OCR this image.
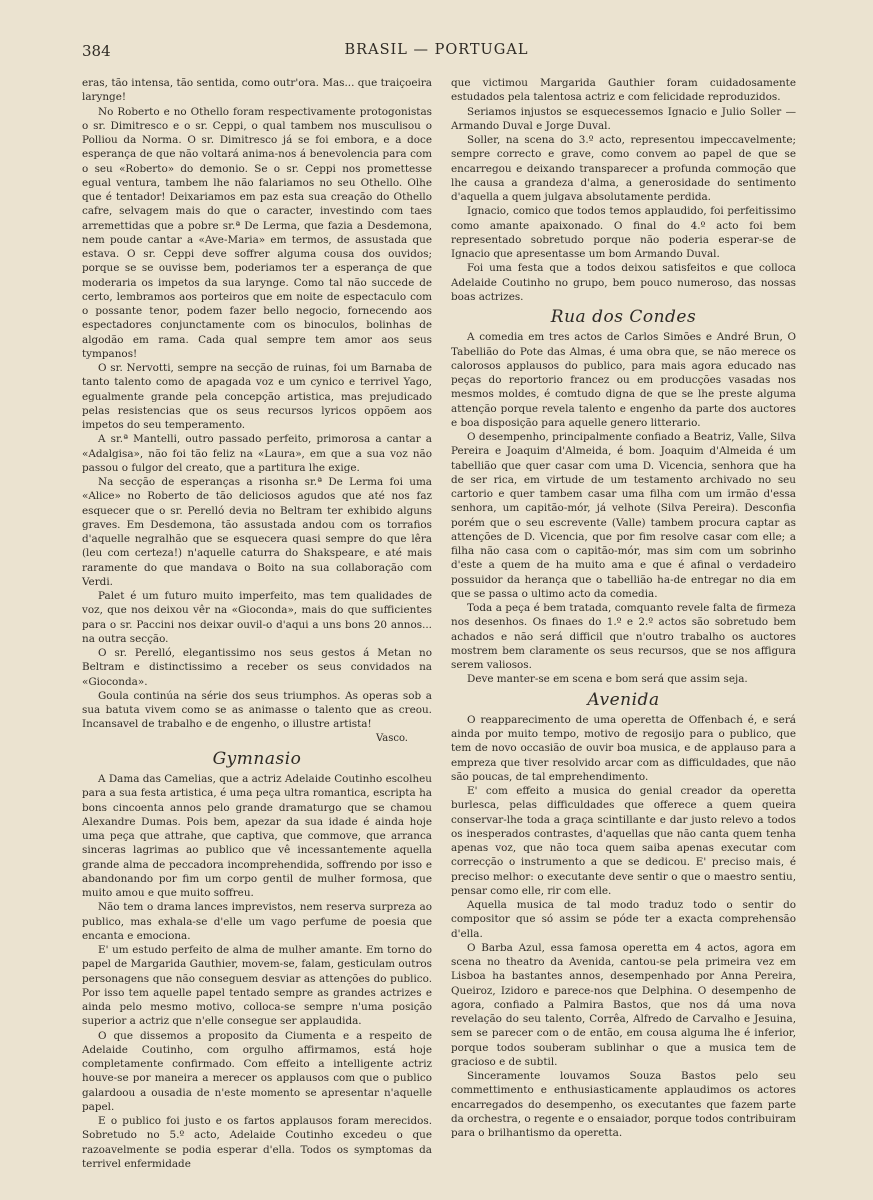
384	BRASIL — PORTUGAL

eras, tão intensa, tão sentida, como outr'ora. Mas... que traiçoeira larynge!

No Roberto e no Othello foram respectivamente protogonistas o sr. Dimitresco e o sr. Ceppi, o qual tambem nos musculisou o Polliou da Norma. O sr. Dimitresco já se foi embora, e a doce esperança de que não voltará anima-nos á benevolencia para com o seu «Roberto» do demonio. Se o sr. Ceppi nos promettesse egual ventura, tambem lhe não falariamos no seu Othello. Olhe que é tentador! Deixariamos em paz esta sua creação do Othello cafre, selvagem mais do que o caracter, investindo com taes arremettidas que a pobre sr.ª De Lerma, que fazia a Desdemona, nem poude cantar a «Ave-Maria» em termos, de assustada que estava. O sr. Ceppi deve soffrer alguma cousa dos ouvidos; porque se se ouvisse bem, poderiamos ter a esperança de que moderaria os impetos da sua larynge. Como tal não succede de certo, lembramos aos porteiros que em noite de espectaculo com o possante tenor, podem fazer bello negocio, fornecendo aos espectadores conjunctamente com os binoculos, bolinhas de algodão em rama. Cada qual sempre tem amor aos seus tympanos!

O sr. Nervotti, sempre na secção de ruinas, foi um Barnaba de tanto talento como de apagada voz e um cynico e terrivel Yago, egualmente grande pela concepção artistica, mas prejudicado pelas resistencias que os seus recursos lyricos oppõem aos impetos do seu temperamento.

A sr.ª Mantelli, outro passado perfeito, primorosa a cantar a «Adalgisa», não foi tão feliz na «Laura», em que a sua voz não passou o fulgor del creato, que a partitura lhe exige.

Na secção de esperanças a risonha sr.ª De Lerma foi uma «Alice» no Roberto de tão deliciosos agudos que até nos faz esquecer que o sr. Perelló devia no Beltram ter exhibido alguns graves. Em Desdemona, tão assustada andou com os torrafios d'aquelle negralhão que se esquecera quasi sempre do que lêra (leu com certeza!) n'aquelle caturra do Shakspeare, e até mais raramente do que mandava o Boito na sua collaboração com Verdi.

Palet é um futuro muito imperfeito, mas tem qualidades de voz, que nos deixou vêr na «Gioconda», mais do que sufficientes para o sr. Paccini nos deixar ouvil-o d'aqui a uns bons 20 annos... na outra secção.

O sr. Perelló, elegantissimo nos seus gestos á Metan no Beltram e distinctissimo a receber os seus convidados na «Gioconda».

Goula continúa na série dos seus triumphos. As operas sob a sua batuta vivem como se as animasse o talento que as creou. Incansavel de trabalho e de engenho, o illustre artista!

Vasco.

Gymnasio

A Dama das Camelias, que a actriz Adelaide Coutinho escolheu para a sua festa artistica, é uma peça ultra romantica, escripta ha bons cincoenta annos pelo grande dramaturgo que se chamou Alexandre Dumas. Pois bem, apezar da sua idade é ainda hoje uma peça que attrahe, que captiva, que commove, que arranca sinceras lagrimas ao publico que vê incessantemente aquella grande alma de peccadora incomprehendida, soffrendo por isso e abandonando por fim um corpo gentil de mulher formosa, que muito amou e que muito soffreu.

Não tem o drama lances imprevistos, nem reserva surpreza ao publico, mas exhala-se d'elle um vago perfume de poesia que encanta e emociona.

E' um estudo perfeito de alma de mulher amante. Em torno do papel de Margarida Gauthier, movem-se, falam, gesticulam outros personagens que não conseguem desviar as attenções do publico. Por isso tem aquelle papel tentado sempre as grandes actrizes e ainda pelo mesmo motivo, colloca-se sempre n'uma posição superior a actriz que n'elle consegue ser applaudida.

O que dissemos a proposito da Ciumenta e a respeito de Adelaide Coutinho, com orgulho affirmamos, está hoje completamente confirmado. Com effeito a intelligente actriz houve-se por maneira a merecer os applausos com que o publico galardoou a ousadia de n'este momento se apresentar n'aquelle papel.

E o publico foi justo e os fartos applausos foram merecidos. Sobretudo no 5.º acto, Adelaide Coutinho excedeu o que razoavelmente se podia esperar d'ella. Todos os symptomas da terrivel enfermidade

que victimou Margarida Gauthier foram cuidadosamente estudados pela talentosa actriz e com felicidade reproduzidos.

Seriamos injustos se esquecessemos Ignacio e Julio Soller — Armando Duval e Jorge Duval.

Soller, na scena do 3.º acto, representou impeccavelmente; sempre correcto e grave, como convem ao papel de que se encarregou e deixando transparecer a profunda commoção que lhe causa a grandeza d'alma, a generosidade do sentimento d'aquella a quem julgava absolutamente perdida.

Ignacio, comico que todos temos applaudido, foi perfeitissimo como amante apaixonado. O final do 4.º acto foi bem representado sobretudo porque não poderia esperar-se de Ignacio que apresentasse um bom Armando Duval.

Foi uma festa que a todos deixou satisfeitos e que colloca Adelaide Coutinho no grupo, bem pouco numeroso, das nossas boas actrizes.

Rua dos Condes

A comedia em tres actos de Carlos Simões e André Brun, O Tabellião do Pote das Almas, é uma obra que, se não merece os calorosos applausos do publico, para mais agora educado nas peças do reportorio francez ou em producções vasadas nos mesmos moldes, é comtudo digna de que se lhe preste alguma attenção porque revela talento e engenho da parte dos auctores e boa disposição para aquelle genero litterario.

O desempenho, principalmente confiado a Beatriz, Valle, Silva Pereira e Joaquim d'Almeida, é bom. Joaquim d'Almeida é um tabellião que quer casar com uma D. Vicencia, senhora que ha de ser rica, em virtude de um testamento archivado no seu cartorio e quer tambem casar uma filha com um irmão d'essa senhora, um capitão-mór, já velhote (Silva Pereira). Desconfia porém que o seu escrevente (Valle) tambem procura captar as attenções de D. Vicencia, que por fim resolve casar com elle; a filha não casa com o capitão-mór, mas sim com um sobrinho d'este a quem de ha muito ama e que é afinal o verdadeiro possuidor da herança que o tabellião ha-de entregar no dia em que se passa o ultimo acto da comedia.

Toda a peça é bem tratada, comquanto revele falta de firmeza nos desenhos. Os finaes do 1.º e 2.º actos são sobretudo bem achados e não será difficil que n'outro trabalho os auctores mostrem bem claramente os seus recursos, que se nos affigura serem valiosos.

Deve manter-se em scena e bom será que assim seja.

Avenida

O reapparecimento de uma operetta de Offenbach é, e será ainda por muito tempo, motivo de regosijo para o publico, que tem de novo occasião de ouvir boa musica, e de applauso para a empreza que tiver resolvido arcar com as difficuldades, que não são poucas, de tal emprehendimento.

E' com effeito a musica do genial creador da operetta burlesca, pelas difficuldades que offerece a quem queira conservar-lhe toda a graça scintillante e dar justo relevo a todos os inesperados contrastes, d'aquellas que não canta quem tenha apenas voz, que não toca quem saiba apenas executar com correcção o instrumento a que se dedicou. E' preciso mais, é preciso melhor: o executante deve sentir o que o maestro sentiu, pensar como elle, rir com elle.

Aquella musica de tal modo traduz todo o sentir do compositor que só assim se póde ter a exacta comprehensão d'ella.

O Barba Azul, essa famosa operetta em 4 actos, agora em scena no theatro da Avenida, cantou-se pela primeira vez em Lisboa ha bastantes annos, desempenhado por Anna Pereira, Queiroz, Izidoro e parece-nos que Delphina. O desempenho de agora, confiado a Palmira Bastos, que nos dá uma nova revelação do seu talento, Corrêa, Alfredo de Carvalho e Jesuina, sem se parecer com o de então, em cousa alguma lhe é inferior, porque todos souberam sublinhar o que a musica tem de gracioso e de subtil.

Sinceramente louvamos Souza Bastos pelo seu commettimento e enthusiasticamente applaudimos os actores encarregados do desempenho, os executantes que fazem parte da orchestra, o regente e o ensaiador, porque todos contribuiram para o brilhantismo da operetta.
